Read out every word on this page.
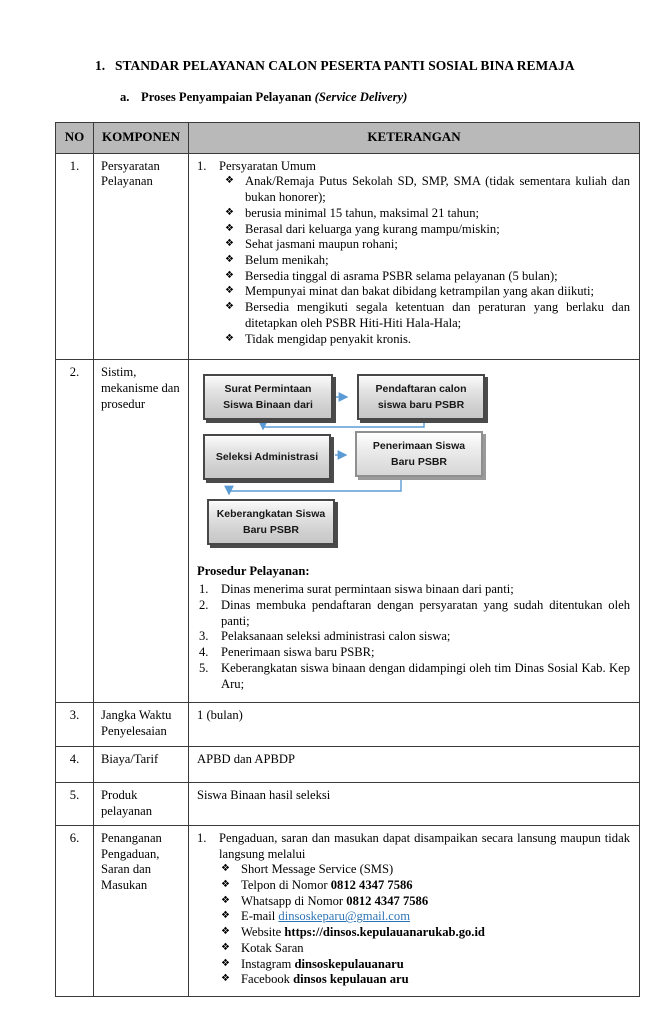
1. STANDAR PELAYANAN CALON PESERTA PANTI SOSIAL BINA REMAJA
a. Proses Penyampaian Pelayanan (Service Delivery)
NO	KOMPONEN	KETERANGAN
1.	Persyaratan Pelayanan	
1. Persyaratan Umum
❖ Anak/Remaja Putus Sekolah SD, SMP, SMA (tidak sementara kuliah dan bukan honorer);
❖ berusia minimal 15 tahun, maksimal 21 tahun;
❖ Berasal dari keluarga yang kurang mampu/miskin;
❖ Sehat jasmani maupun rohani;
❖ Belum menikah;
❖ Bersedia tinggal di asrama PSBR selama pelayanan (5 bulan);
❖ Mempunyai minat dan bakat dibidang ketrampilan yang akan diikuti;
❖ Bersedia mengikuti segala ketentuan dan peraturan yang berlaku dan ditetapkan oleh PSBR Hiti-Hiti Hala-Hala;
❖ Tidak mengidap penyakit kronis.

2.	Sistim, mekanisme dan prosedur	
Surat Permintaan Siswa Binaan dari
Pendaftaran calon siswa baru PSBR
Seleksi Administrasi
Penerimaan Siswa Baru PSBR
Keberangkatan Siswa Baru PSBR
Prosedur Pelayanan:
1. Dinas menerima surat permintaan siswa binaan dari panti;
2. Dinas membuka pendaftaran dengan persyaratan yang sudah ditentukan oleh panti;
3. Pelaksanaan seleksi administrasi calon siswa;
4. Penerimaan siswa baru PSBR;
5. Keberangkatan siswa binaan dengan didampingi oleh tim Dinas Sosial Kab. Kep Aru;

3.	Jangka Waktu Penyelesaian	1 (bulan)
4.	Biaya/Tarif	APBD dan APBDP
5.	Produk pelayanan	Siswa Binaan hasil seleksi
6.	Penanganan Pengaduan, Saran dan Masukan	
1. Pengaduan, saran dan masukan dapat disampaikan secara lansung maupun tidak langsung melalui
❖ Short Message Service (SMS)
❖ Telpon di Nomor 0812 4347 7586
❖ Whatsapp di Nomor 0812 4347 7586
❖ E-mail dinsoskeparu@gmail.com
❖ Website https://dinsos.kepulauanarukab.go.id
❖ Kotak Saran
❖ Instagram dinsoskepulauanaru
❖ Facebook dinsos kepulauan aru
